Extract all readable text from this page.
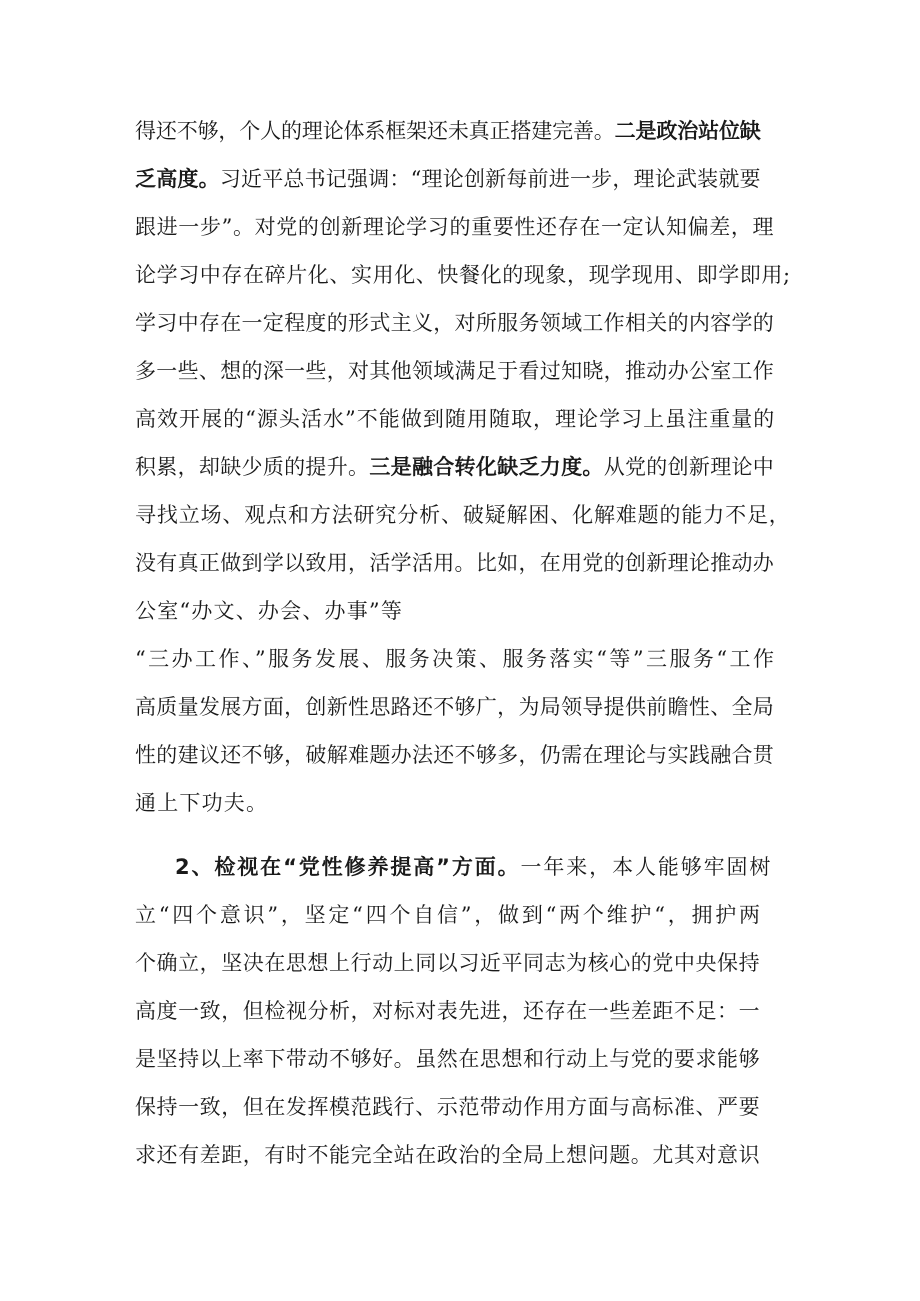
得还不够，个人的理论体系框架还未真正搭建完善。二是政治站位缺
乏高度。习近平总书记强调：“理论创新每前进一步，理论武装就要
跟进一步”。对党的创新理论学习的重要性还存在一定认知偏差，理
论学习中存在碎片化、实用化、快餐化的现象，现学现用、即学即用;
学习中存在一定程度的形式主义，对所服务领域工作相关的内容学的
多一些、想的深一些，对其他领域满足于看过知晓，推动办公室工作
高效开展的“源头活水”不能做到随用随取，理论学习上虽注重量的
积累，却缺少质的提升。三是融合转化缺乏力度。从党的创新理论中
寻找立场、观点和方法研究分析、破疑解困、化解难题的能力不足，
没有真正做到学以致用，活学活用。比如，在用党的创新理论推动办
公室“办文、办会、办事”等
“三办工作、”服务发展、服务决策、服务落实“等”三服务“工作
高质量发展方面，创新性思路还不够广，为局领导提供前瞻性、全局
性的建议还不够，破解难题办法还不够多，仍需在理论与实践融合贯
通上下功夫。
2、检视在“党性修养提高”方面。一年来，本人能够牢固树
立“四个意识”，坚定“四个自信”，做到“两个维护“，拥护两
个确立，坚决在思想上行动上同以习近平同志为核心的党中央保持
高度一致，但检视分析，对标对表先进，还存在一些差距不足：一
是坚持以上率下带动不够好。虽然在思想和行动上与党的要求能够
保持一致，但在发挥模范践行、示范带动作用方面与高标准、严要
求还有差距，有时不能完全站在政治的全局上想问题。尤其对意识
